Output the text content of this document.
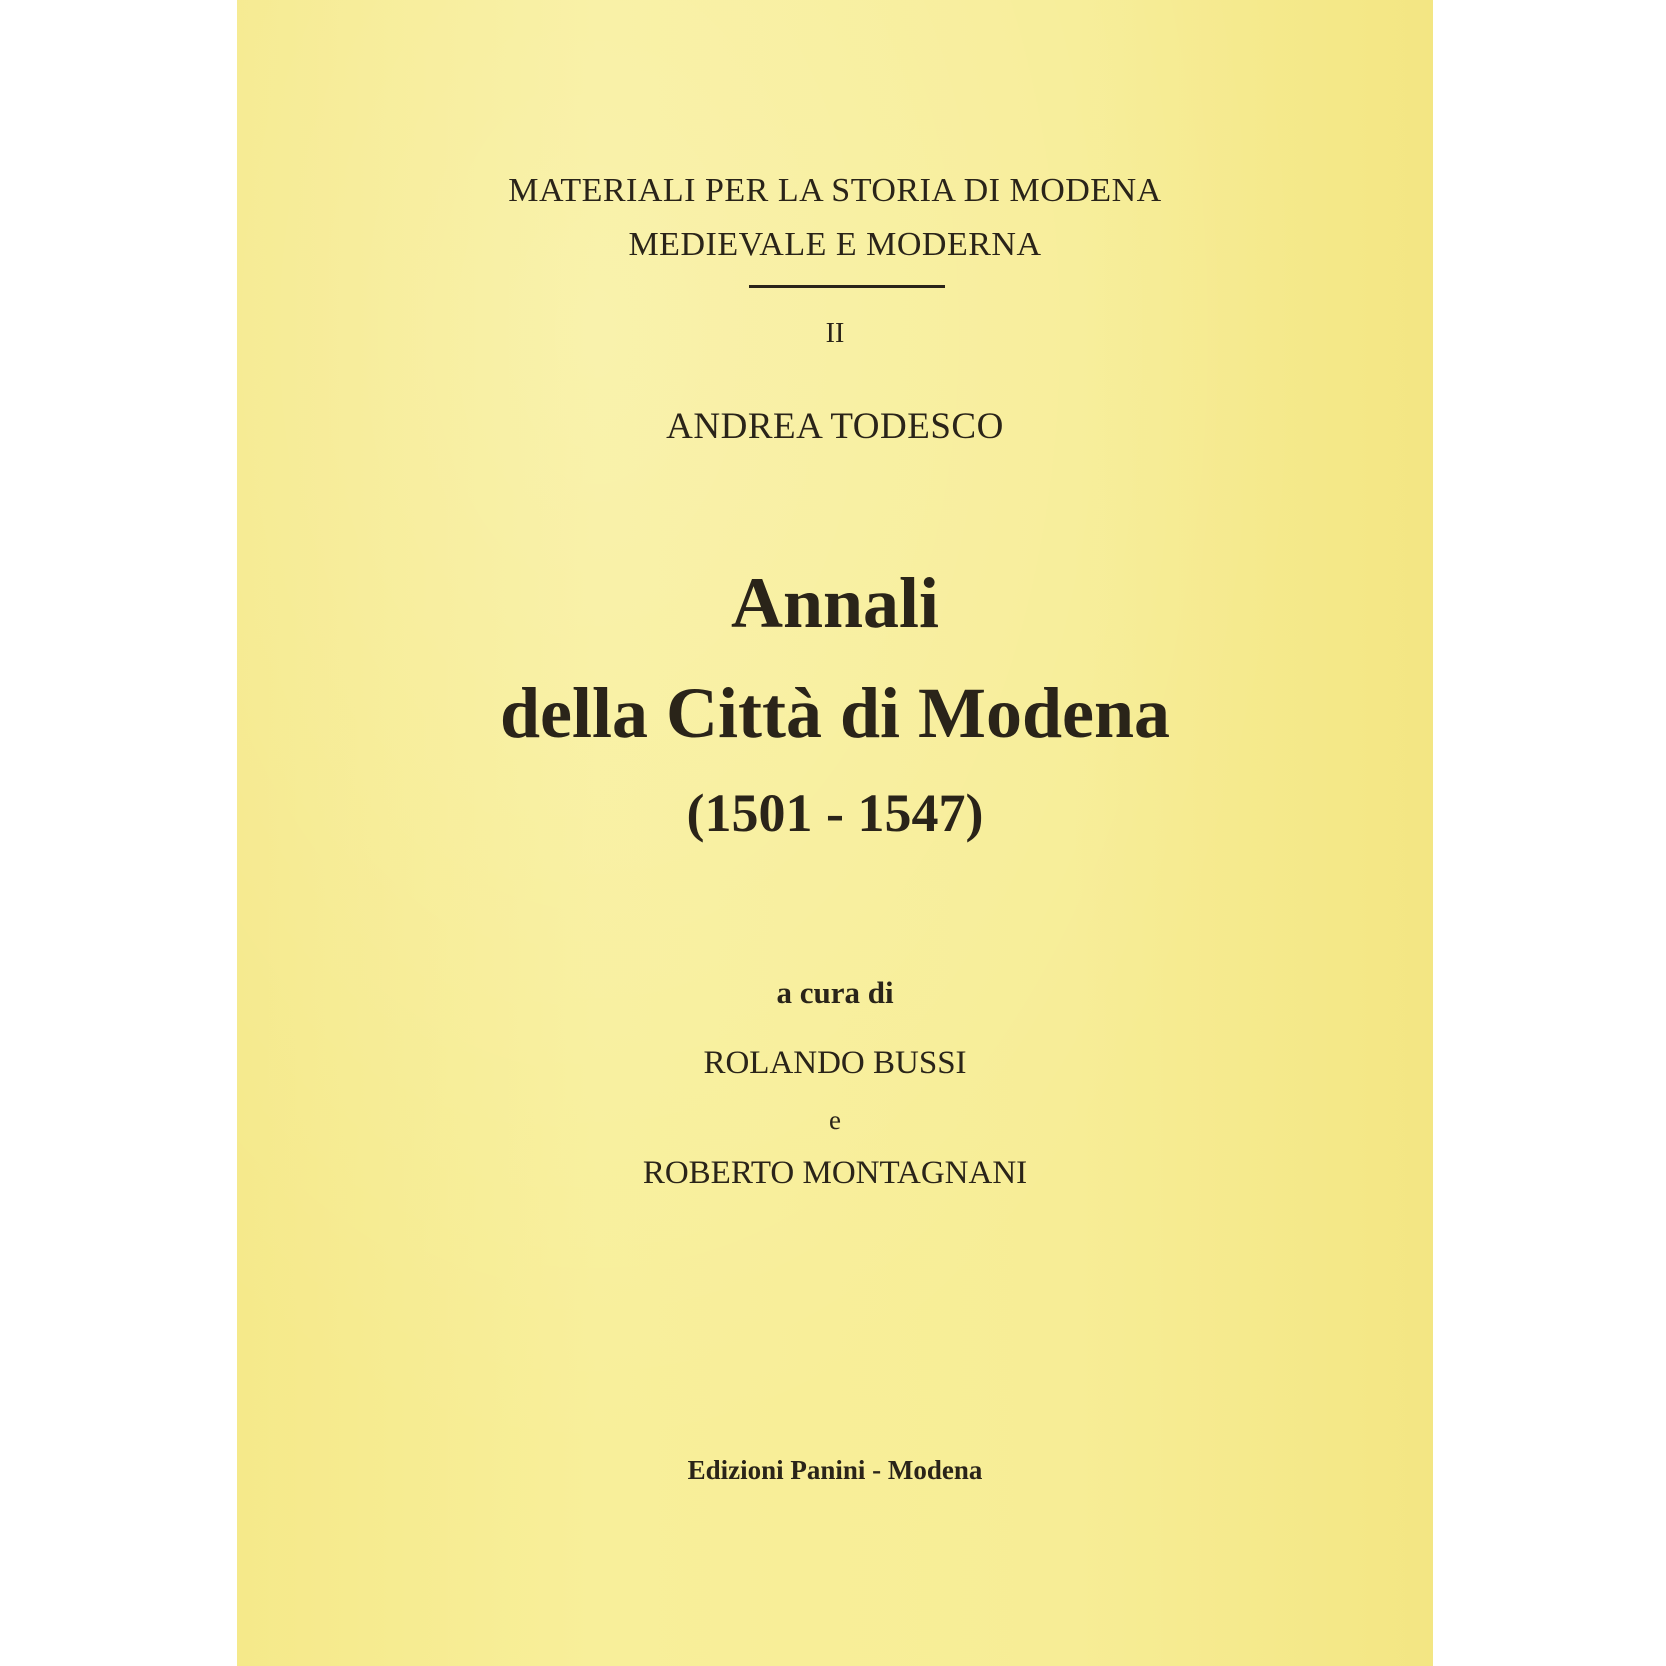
MATERIALI PER LA STORIA DI MODENA
MEDIEVALE E MODERNA
II
ANDREA TODESCO
Annali
della Città di Modena
(1501 - 1547)
a cura di
ROLANDO BUSSI
e
ROBERTO MONTAGNANI
Edizioni Panini - Modena
